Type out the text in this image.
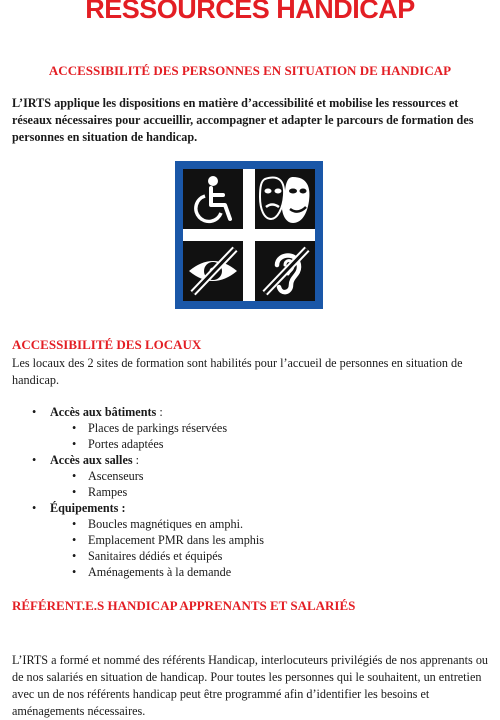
RESSOURCES HANDICAP
ACCESSIBILITÉ DES PERSONNES EN SITUATION DE HANDICAP
L’IRTS applique les dispositions en matière d’accessibilité et mobilise les ressources et réseaux nécessaires pour accueillir, accompagner et adapter le parcours de formation des personnes en situation de handicap.
ACCESSIBILITÉ DES LOCAUX
Les locaux des 2 sites de formation sont habilités pour l’accueil de personnes en situation de handicap.
• Accès aux bâtiments :
• Places de parkings réservées
• Portes adaptées
• Accès aux salles :
• Ascenseurs
• Rampes
• Équipements :
• Boucles magnétiques en amphi.
• Emplacement PMR dans les amphis
• Sanitaires dédiés et équipés
• Aménagements à la demande
RÉFÉRENT.E.S HANDICAP APPRENANTS ET SALARIÉS
L’IRTS a formé et nommé des référents Handicap, interlocuteurs privilégiés de nos apprenants ou de nos salariés en situation de handicap. Pour toutes les personnes qui le souhaitent, un entretien avec un de nos référents handicap peut être programmé afin d’identifier les besoins et aménagements nécessaires.
